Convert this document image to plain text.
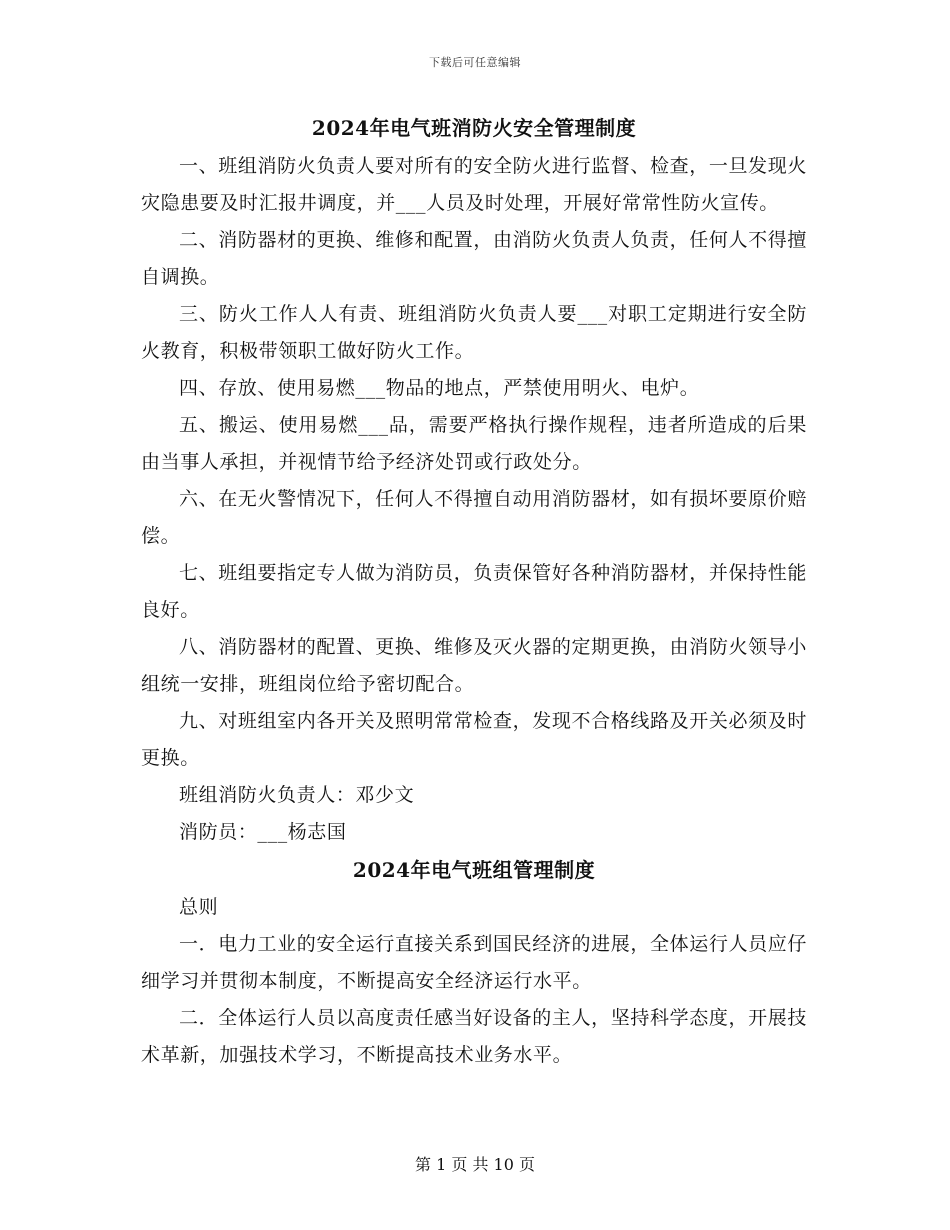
下载后可任意编辑
2024年电气班消防火安全管理制度

一、班组消防火负责人要对所有的安全防火进行监督、检查，一旦发现火灾隐患要及时汇报井调度，并___人员及时处理，开展好常常性防火宣传。

二、消防器材的更换、维修和配置，由消防火负责人负责，任何人不得擅自调换。

三、防火工作人人有责、班组消防火负责人要___对职工定期进行安全防火教育，积极带领职工做好防火工作。

四、存放、使用易燃___物品的地点，严禁使用明火、电炉。

五、搬运、使用易燃___品，需要严格执行操作规程，违者所造成的后果由当事人承担，并视情节给予经济处罚或行政处分。

六、在无火警情况下，任何人不得擅自动用消防器材，如有损坏要原价赔偿。

七、班组要指定专人做为消防员，负责保管好各种消防器材，并保持性能良好。

八、消防器材的配置、更换、维修及灭火器的定期更换，由消防火领导小组统一安排，班组岗位给予密切配合。

九、对班组室内各开关及照明常常检查，发现不合格线路及开关必须及时更换。

班组消防火负责人：邓少文

消防员：___杨志国

2024年电气班组管理制度

总则

一．电力工业的安全运行直接关系到国民经济的进展，全体运行人员应仔细学习并贯彻本制度，不断提高安全经济运行水平。

二．全体运行人员以高度责任感当好设备的主人，坚持科学态度，开展技术革新，加强技术学习，不断提高技术业务水平。

第 1 页 共 10 页
